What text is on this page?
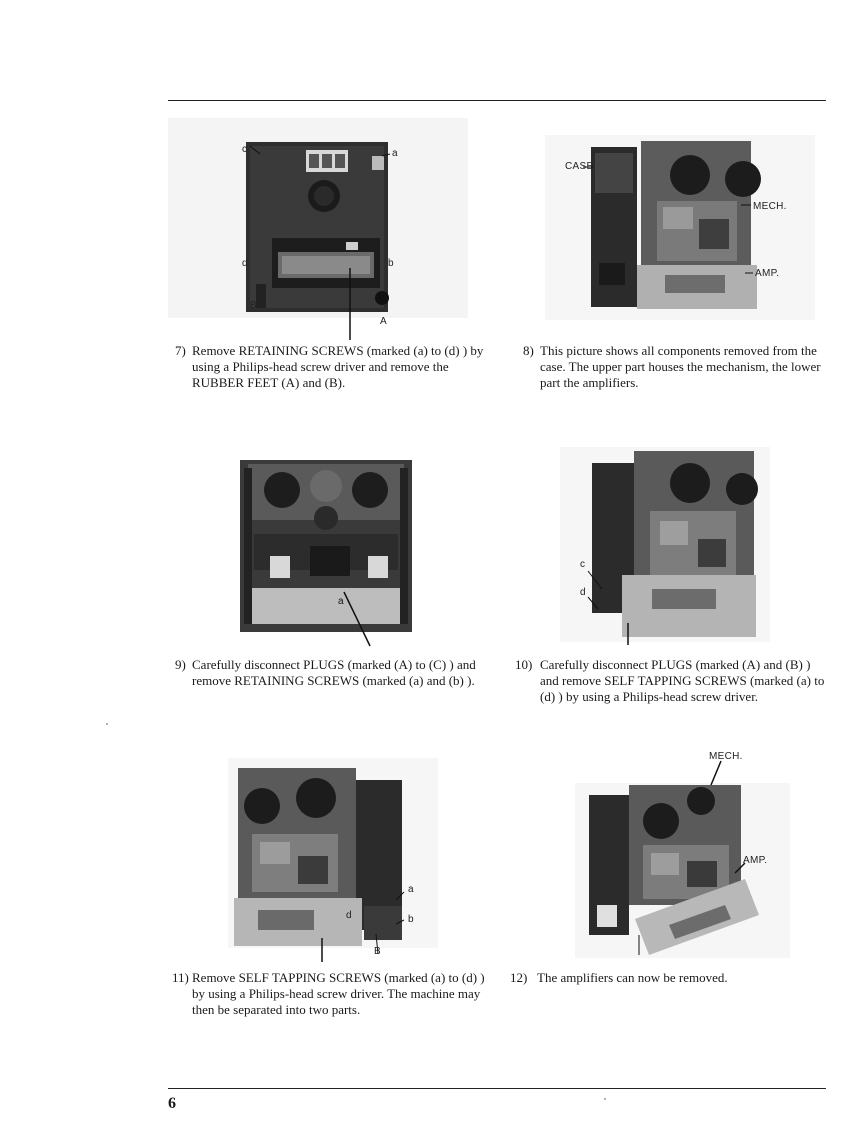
c	a
d	b
B
A
7) Remove RETAINING SCREWS (marked (a) to (d) ) by using a Philips-head screw driver and remove the RUBBER FEET (A) and (B).
CASE
MECH.
AMP.
8) This picture shows all components removed from the case. The upper part houses the mechanism, the lower part the amplifiers.
a
9) Carefully disconnect PLUGS (marked (A) to (C) ) and remove RETAINING SCREWS (marked (a) and (b) ).
c
d
10) Carefully disconnect PLUGS (marked (A) and (B) ) and remove SELF TAPPING SCREWS (marked (a) to (d) ) by using a Philips-head screw driver.
a
b
d
B
11) Remove SELF TAPPING SCREWS (marked (a) to (d) ) by using a Philips-head screw driver. The machine may then be separated into two parts.
MECH.
AMP.
12) The amplifiers can now be removed.
6
